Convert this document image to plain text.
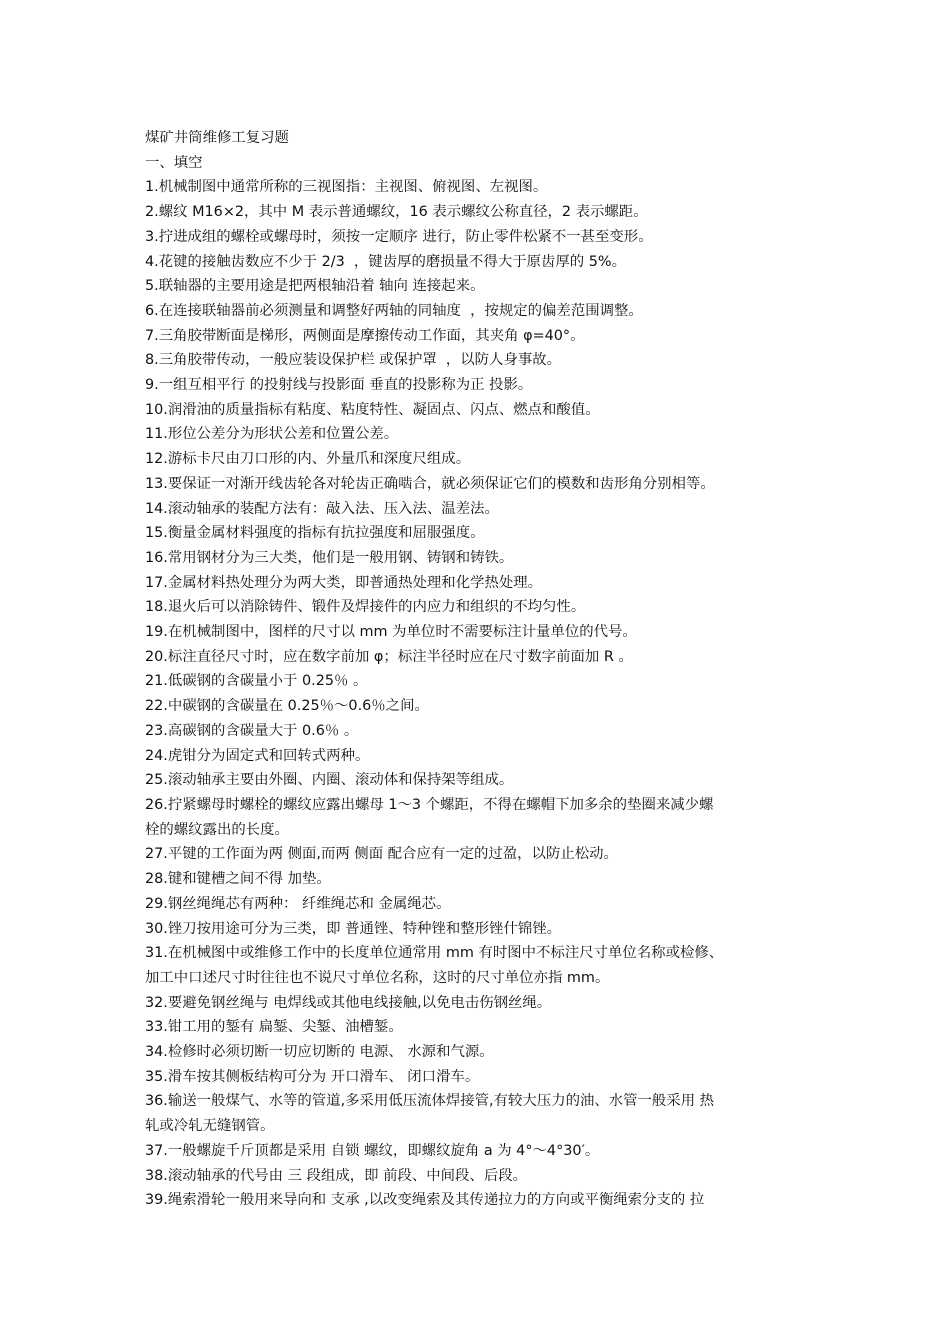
煤矿井筒维修工复习题
一、填空
1.机械制图中通常所称的三视图指：主视图、俯视图、左视图。
2.螺纹 M16×2，其中 M 表示普通螺纹，16 表示螺纹公称直径，2 表示螺距。
3.拧进成组的螺栓或螺母时，须按一定顺序 进行，防止零件松紧不一甚至变形。
4.花键的接触齿数应不少于 2/3  ，键齿厚的磨损量不得大于原齿厚的 5%。
5.联轴器的主要用途是把两根轴沿着 轴向 连接起来。
6.在连接联轴器前必须测量和调整好两轴的同轴度  ，按规定的偏差范围调整。
7.三角胶带断面是梯形，两侧面是摩擦传动工作面，其夹角 φ=40°。
8.三角胶带传动，一般应装设保护栏 或保护罩  ，以防人身事故。
9.一组互相平行 的投射线与投影面 垂直的投影称为正 投影。
10.润滑油的质量指标有粘度、粘度特性、凝固点、闪点、燃点和酸值。
11.形位公差分为形状公差和位置公差。
12.游标卡尺由刀口形的内、外量爪和深度尺组成。
13.要保证一对渐开线齿轮各对轮齿正确啮合，就必须保证它们的模数和齿形角分别相等。
14.滚动轴承的装配方法有：敲入法、压入法、温差法。
15.衡量金属材料强度的指标有抗拉强度和屈服强度。
16.常用钢材分为三大类，他们是一般用钢、铸钢和铸铁。
17.金属材料热处理分为两大类，即普通热处理和化学热处理。
18.退火后可以消除铸件、锻件及焊接件的内应力和组织的不均匀性。
19.在机械制图中，图样的尺寸以 mm 为单位时不需要标注计量单位的代号。
20.标注直径尺寸时，应在数字前加 φ；标注半径时应在尺寸数字前面加 R 。
21.低碳钢的含碳量小于 0.25％ 。
22.中碳钢的含碳量在 0.25％～0.6％之间。
23.高碳钢的含碳量大于 0.6％ 。
24.虎钳分为固定式和回转式两种。
25.滚动轴承主要由外圈、内圈、滚动体和保持架等组成。
26.拧紧螺母时螺栓的螺纹应露出螺母 1～3 个螺距，不得在螺帽下加多余的垫圈来减少螺
栓的螺纹露出的长度。
27.平键的工作面为两 侧面,而两 侧面 配合应有一定的过盈，以防止松动。
28.键和键槽之间不得 加垫。
29.钢丝绳绳芯有两种： 纤维绳芯和 金属绳芯。
30.锉刀按用途可分为三类，即 普通锉、特种锉和整形锉什锦锉。
31.在机械图中或维修工作中的长度单位通常用 mm 有时图中不标注尺寸单位名称或检修、
加工中口述尺寸时往往也不说尺寸单位名称，这时的尺寸单位亦指 mm。
32.要避免钢丝绳与 电焊线或其他电线接触,以免电击伤钢丝绳。
33.钳工用的錾有 扁錾、尖錾、油槽錾。
34.检修时必须切断一切应切断的 电源、 水源和气源。
35.滑车按其侧板结构可分为 开口滑车、 闭口滑车。
36.输送一般煤气、水等的管道,多采用低压流体焊接管,有较大压力的油、水管一般采用 热
轧或冷轧无缝钢管。
37.一般螺旋千斤顶都是采用 自锁 螺纹，即螺纹旋角 a 为 4°～4°30′。
38.滚动轴承的代号由 三 段组成，即 前段、中间段、后段。
39.绳索滑轮一般用来导向和 支承 ,以改变绳索及其传递拉力的方向或平衡绳索分支的 拉
